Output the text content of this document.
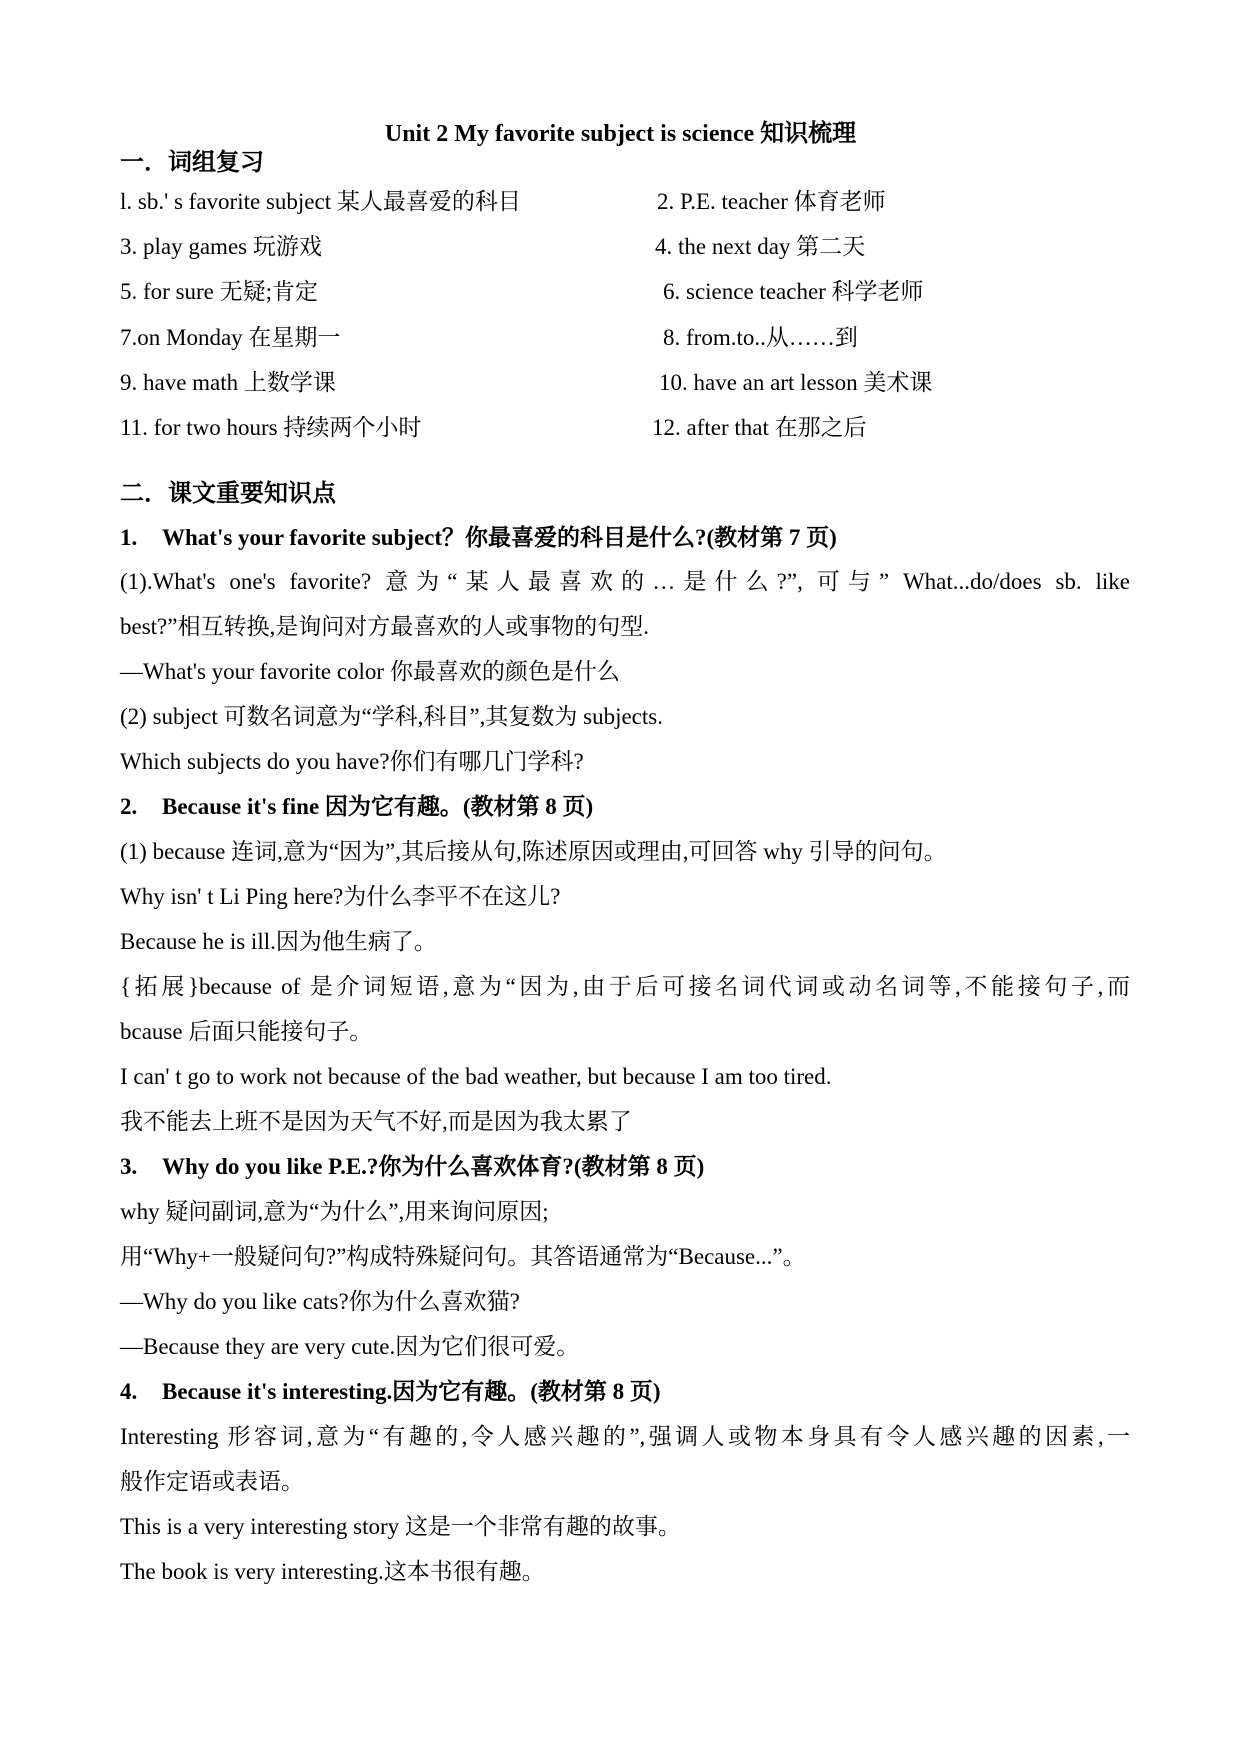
Unit 2 My favorite subject is science 知识梳理
一．词组复习
l. sb.' s favorite subject 某人最喜爱的科目	2. P.E. teacher 体育老师
3. play games 玩游戏	4. the next day 第二天
5. for sure 无疑;肯定	6. science teacher 科学老师
7.on Monday 在星期一	8. from.to..从……到
9. have math 上数学课	10. have an art lesson 美术课
11. for two hours 持续两个小时	12. after that 在那之后
二．课文重要知识点
1. What's your favorite subject？你最喜爱的科目是什么?(教材第 7 页)
(1).What's one's favorite? 意为“某人最喜欢的…是什么?”, 可与” What...do/does sb. like
best?”相互转换,是询问对方最喜欢的人或事物的句型.
—What's your favorite color 你最喜欢的颜色是什么
(2) subject 可数名词意为“学科,科目”,其复数为 subjects.
Which subjects do you have?你们有哪几门学科?
2. Because it's fine 因为它有趣。(教材第 8 页)
(1) because 连词,意为“因为”,其后接从句,陈述原因或理由,可回答 why 引导的问句。
Why isn' t Li Ping here?为什么李平不在这儿?
Because he is ill.因为他生病了。
{拓展}because of 是介词短语,意为“因为,由于后可接名词代词或动名词等,不能接句子,而
bcause 后面只能接句子。
I can' t go to work not because of the bad weather, but because I am too tired.
我不能去上班不是因为天气不好,而是因为我太累了
3. Why do you like P.E.?你为什么喜欢体育?(教材第 8 页)
why 疑问副词,意为“为什么”,用来询问原因;
用“Why+一般疑问句?”构成特殊疑问句。其答语通常为“Because...”。
—Why do you like cats?你为什么喜欢猫?
—Because they are very cute.因为它们很可爱。
4. Because it's interesting.因为它有趣。(教材第 8 页)
Interesting 形容词,意为“有趣的,令人感兴趣的”,强调人或物本身具有令人感兴趣的因素,一
般作定语或表语。
This is a very interesting story 这是一个非常有趣的故事。
The book is very interesting.这本书很有趣。
